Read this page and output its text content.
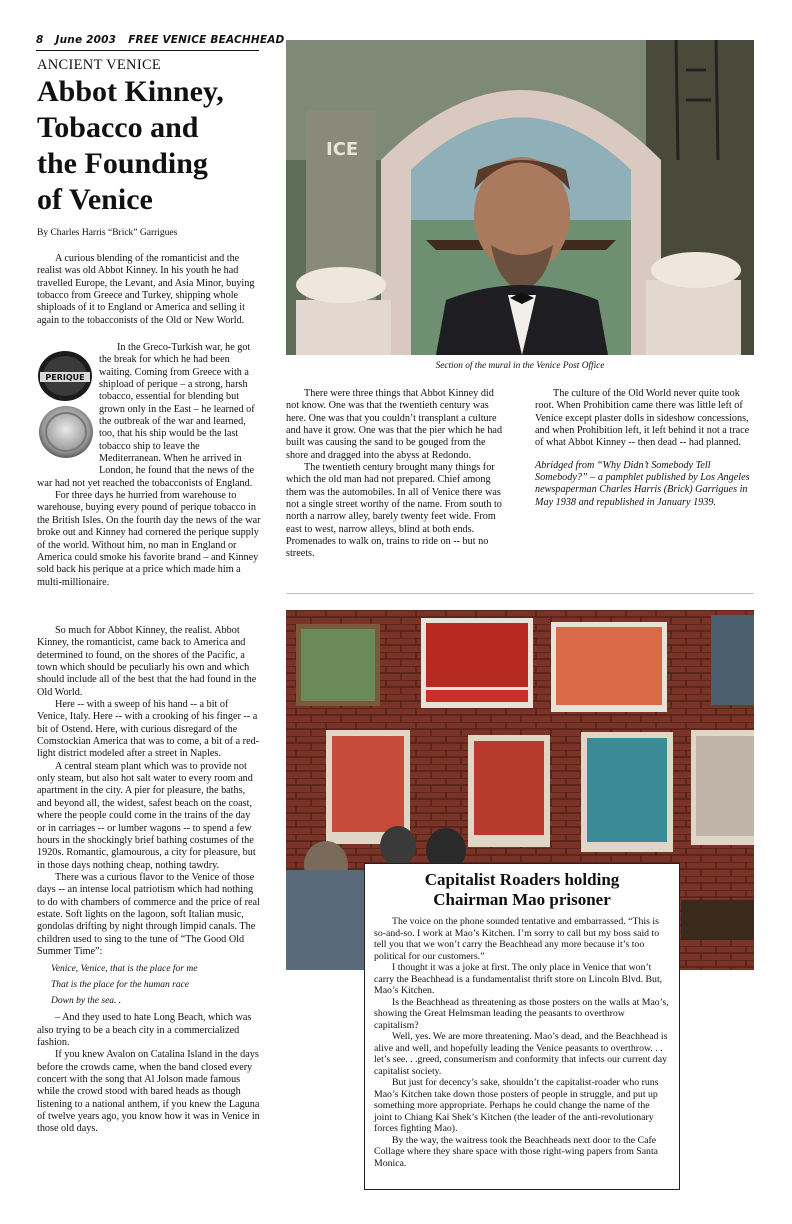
8 June 2003 FREE VENICE BEACHHEAD
ANCIENT VENICE
Abbot Kinney,
Tobacco and
the Founding
of Venice
By Charles Harris “Brick” Garrigues

A curious blending of the romanticist and the realist was old Abbot Kinney. In his youth he had travelled Europe, the Levant, and Asia Minor, buying tobacco from Greece and Turkey, shipping whole shiploads of it to England or America and selling it again to the tobacconists of the Old or New World.

PERIQUE

In the Greco-Turkish war, he got the break for which he had been waiting. Coming from Greece with a shipload of perique – a strong, harsh tobacco, essential for blending but grown only in the East – he learned of the outbreak of the war and learned, too, that his ship would be the last tobacco ship to leave the Mediterranean. When he arrived in London, he found that the news of the war had not yet reached the tobacconists of England.

For three days he hurried from warehouse to warehouse, buying every pound of perique tobacco in the British Isles. On the fourth day the news of the war broke out and Kinney had cornered the perique supply of the world. Without him, no man in England or America could smoke his favorite brand – and Kinney sold back his perique at a price which made him a multi-millionaire.

So much for Abbot Kinney, the realist. Abbot Kinney, the romanticist, came back to America and determined to found, on the shores of the Pacific, a town which should be peculiarly his own and which should include all of the best that the had found in the Old World.

Here -- with a sweep of his hand -- a bit of Venice, Italy. Here -- with a crooking of his finger -- a bit of Ostend. Here, with curious disregard of the Comstockian America that was to come, a bit of a red-light district modeled after a street in Naples.

A central steam plant which was to provide not only steam, but also hot salt water to every room and apartment in the city. A pier for pleasure, the baths, and beyond all, the widest, safest beach on the coast, where the people could come in the trains of the day or in carriages -- or lumber wagons -- to spend a few hours in the shockingly brief bathing costumes of the 1920s. Romantic, glamourous, a city for pleasure, but in those days nothing cheap, nothing tawdry.

There was a curious flavor to the Venice of those days -- an intense local patriotism which had nothing to do with chambers of commerce and the price of real estate. Soft lights on the lagoon, soft Italian music, gondolas drifting by night through limpid canals. The children used to sing to the tune of “The Good Old Summer Time”:

Venice, Venice, that is the place for me
That is the place for the human race
Down by the sea. .

– And they used to hate Long Beach, which was also trying to be a beach city in a commercialized fashion.

If you knew Avalon on Catalina Island in the days before the crowds came, when the band closed every concert with the song that Al Jolson made famous while the crowd stood with bared heads as though listening to a national anthem, if you knew the Laguna of twelve years ago, you know how it was in Venice in those old days.

ICE
Section of the mural in the Venice Post Office

There were three things that Abbot Kinney did not know. One was that the twentieth century was here. One was that you couldn’t transplant a culture and have it grow. One was that the pier which he had built was causing the sand to be gouged from the shore and dragged into the abyss at Redondo.

The twentieth century brought many things for which the old man had not prepared. Chief among them was the automobiles. In all of Venice there was not a single street worthy of the name. From south to north a narrow alley, barely twenty feet wide. From east to west, narrow alleys, blind at both ends. Promenades to walk on, trains to ride on -- but no streets.

The culture of the Old World never quite took root. When Prohibition came there was little left of Venice except plaster dolls in sideshow concessions, and when Prohibition left, it left behind it not a trace of what Abbot Kinney -- then dead -- had planned.

Abridged from “Why Didn’t Somebody Tell Somebody?” – a pamphlet published by Los Angeles newspaperman Charles Harris (Brick) Garrigues in May 1938 and republished in January 1939.

Capitalist Roaders holding
Chairman Mao prisoner

The voice on the phone sounded tentative and embarrassed. “This is so-and-so. I work at Mao’s Kitchen. I’m sorry to call but my boss said to tell you that we won’t carry the Beachhead any more because it’s too political for our customers.”

I thought it was a joke at first. The only place in Venice that won’t carry the Beachhead is a fundamentalist thrift store on Lincoln Blvd. But, Mao’s Kitchen.

Is the Beachhead as threatening as those posters on the walls at Mao’s, showing the Great Helmsman leading the peasants to overthrow capitalism?

Well, yes. We are more threatening. Mao’s dead, and the Beachhead is alive and well, and hopefully leading the Venice peasants to overthrow. . . let’s see. . .greed, consumerism and conformity that infects our current day capitalist society.

But just for decency’s sake, shouldn’t the capitalist-roader who runs Mao’s Kitchen take down those posters of people in struggle, and put up something more appropriate. Perhaps he could change the name of the joint to Chiang Kai Shek’s Kitchen (the leader of the anti-revolutionary forces fighting Mao).

By the way, the waitress took the Beachheads next door to the Cafe Collage where they share space with those right-wing papers from Santa Monica.
